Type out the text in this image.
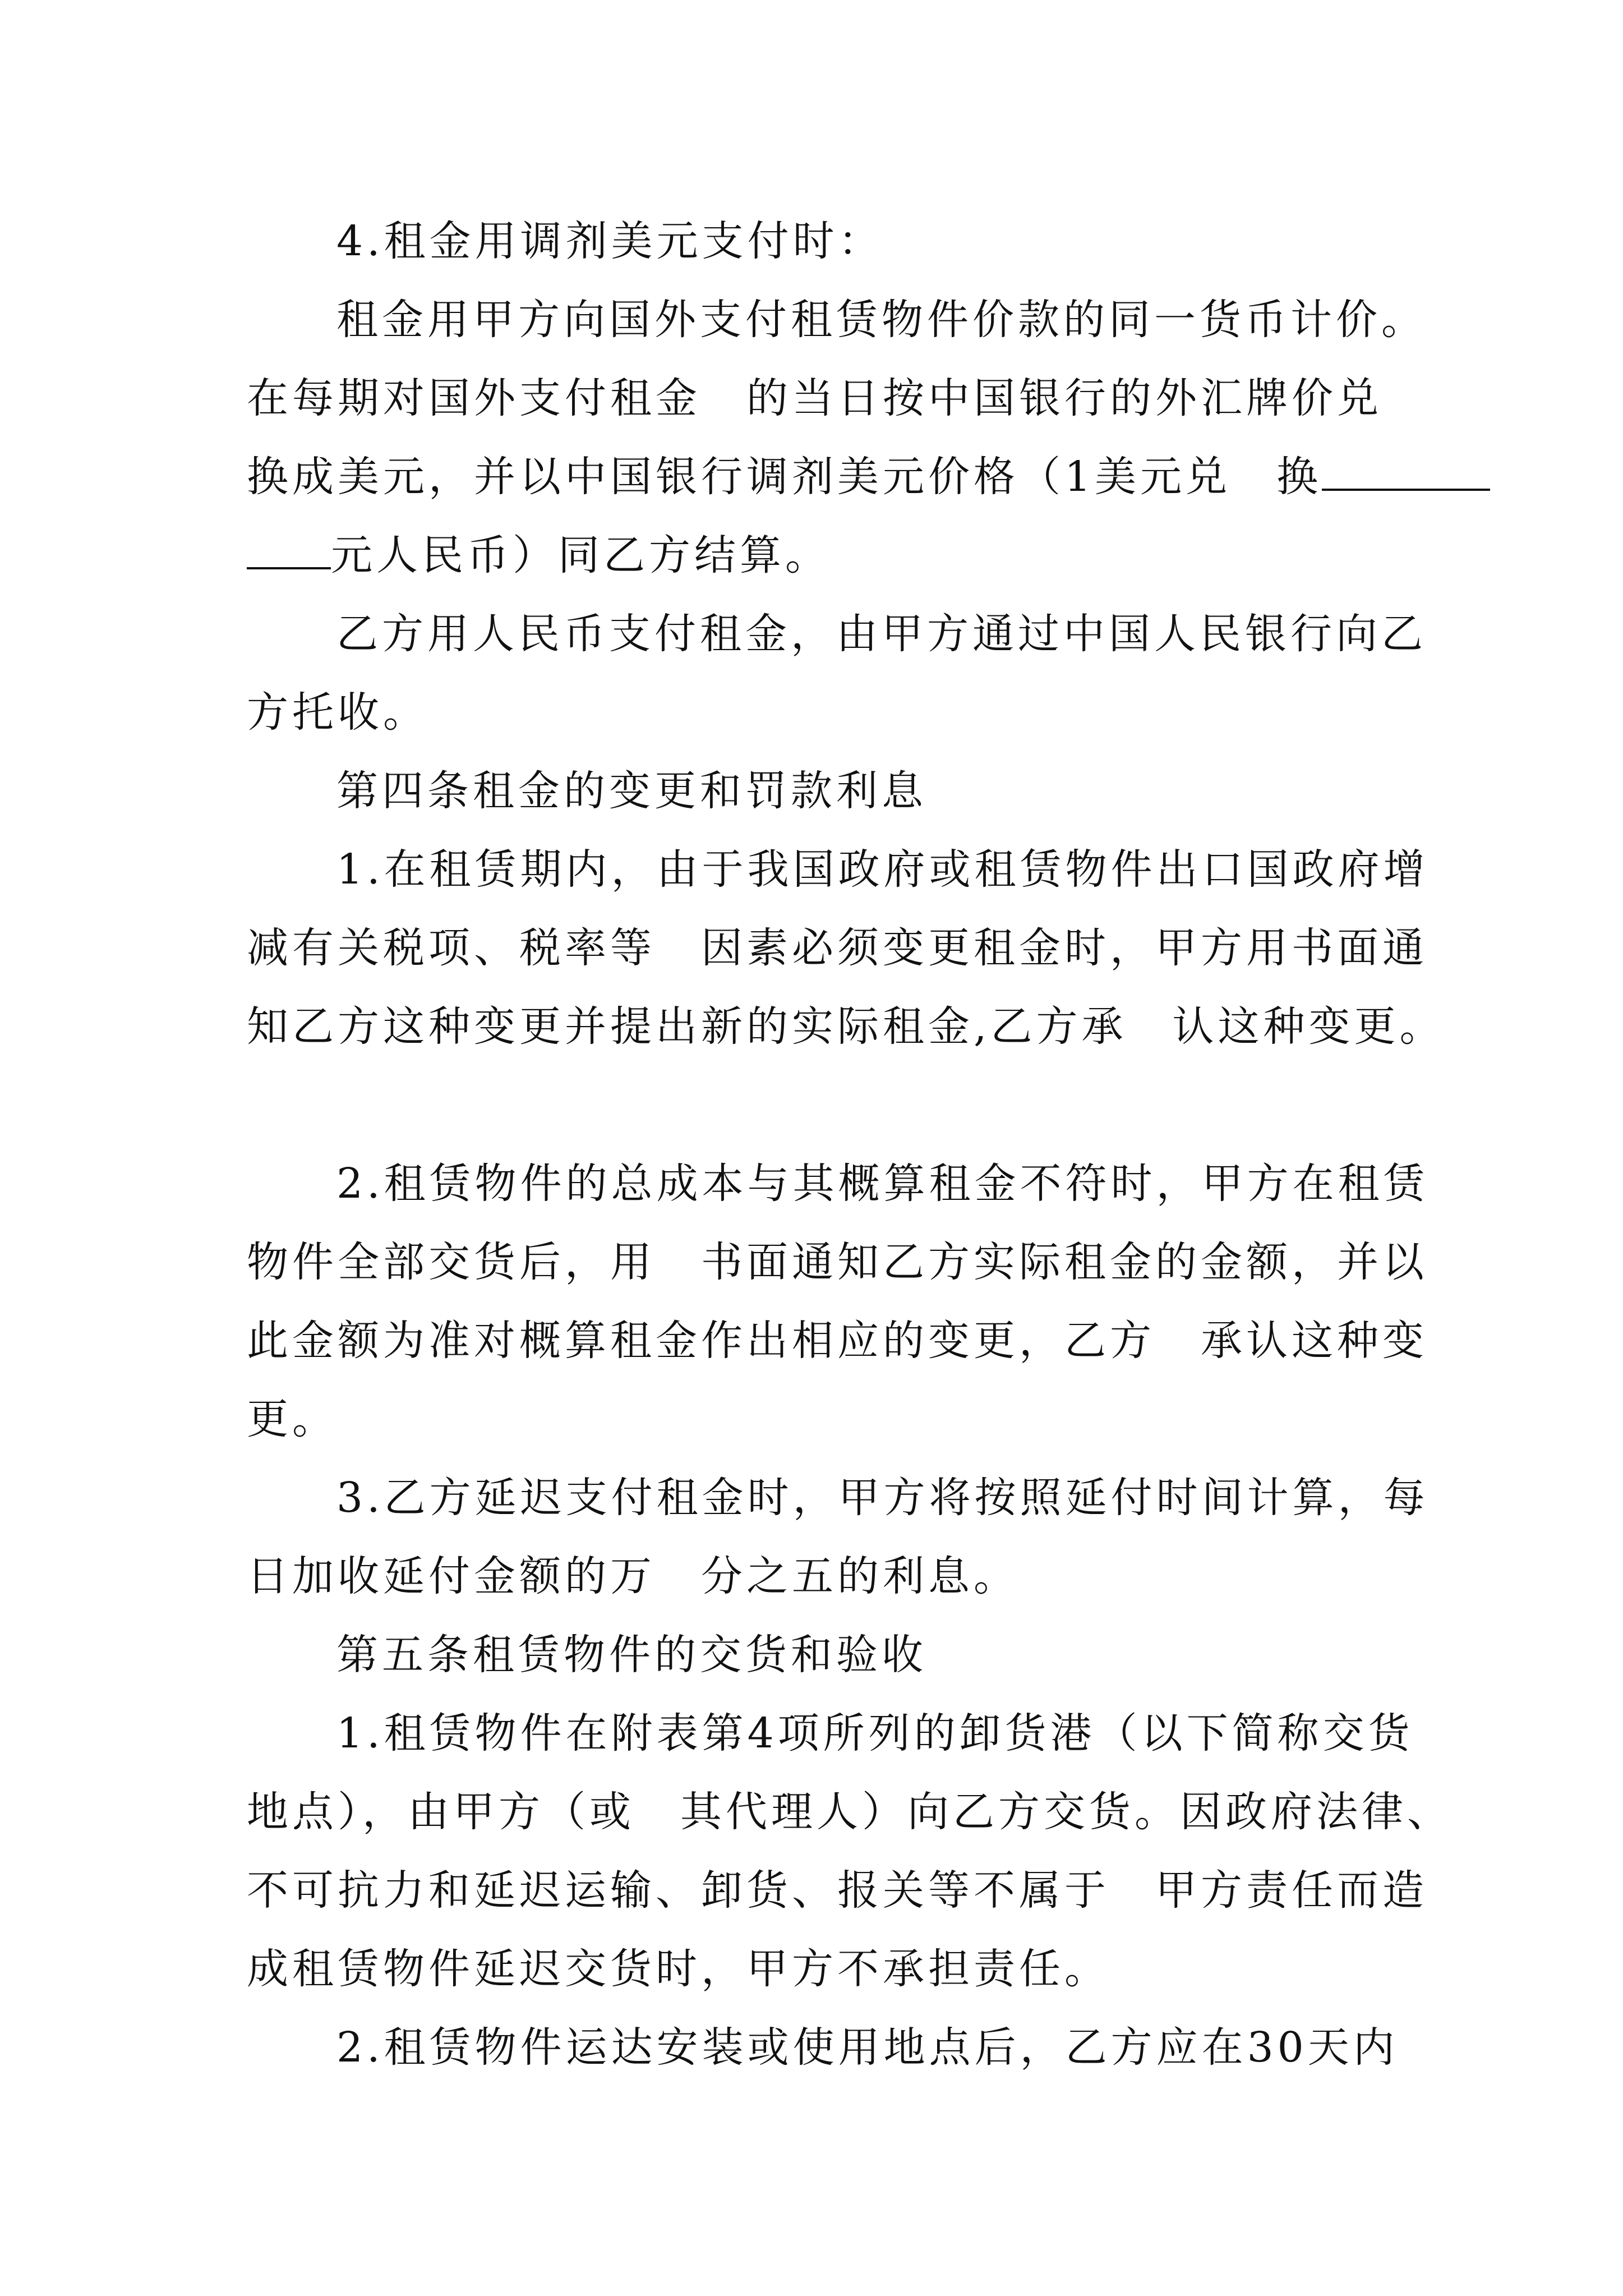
4.租金用调剂美元支付时：
租金用甲方向国外支付租赁物件价款的同一货币计价。
在每期对国外支付租金　的当日按中国银行的外汇牌价兑
换成美元，并以中国银行调剂美元价格（1美元兑　换
元人民币）同乙方结算。
乙方用人民币支付租金，由甲方通过中国人民银行向乙
方托收。
第四条租金的变更和罚款利息
1.在租赁期内，由于我国政府或租赁物件出口国政府增
减有关税项、税率等　因素必须变更租金时，甲方用书面通
知乙方这种变更并提出新的实际租金,乙方承　认这种变更。
2.租赁物件的总成本与其概算租金不符时，甲方在租赁
物件全部交货后，用　书面通知乙方实际租金的金额，并以
此金额为准对概算租金作出相应的变更，乙方　承认这种变
更。
3.乙方延迟支付租金时，甲方将按照延付时间计算，每
日加收延付金额的万　分之五的利息。
第五条租赁物件的交货和验收
1.租赁物件在附表第4项所列的卸货港（以下简称交货
地点），由甲方（或　其代理人）向乙方交货。因政府法律、
不可抗力和延迟运输、卸货、报关等不属于　甲方责任而造
成租赁物件延迟交货时，甲方不承担责任。
2.租赁物件运达安装或使用地点后，乙方应在30天内
